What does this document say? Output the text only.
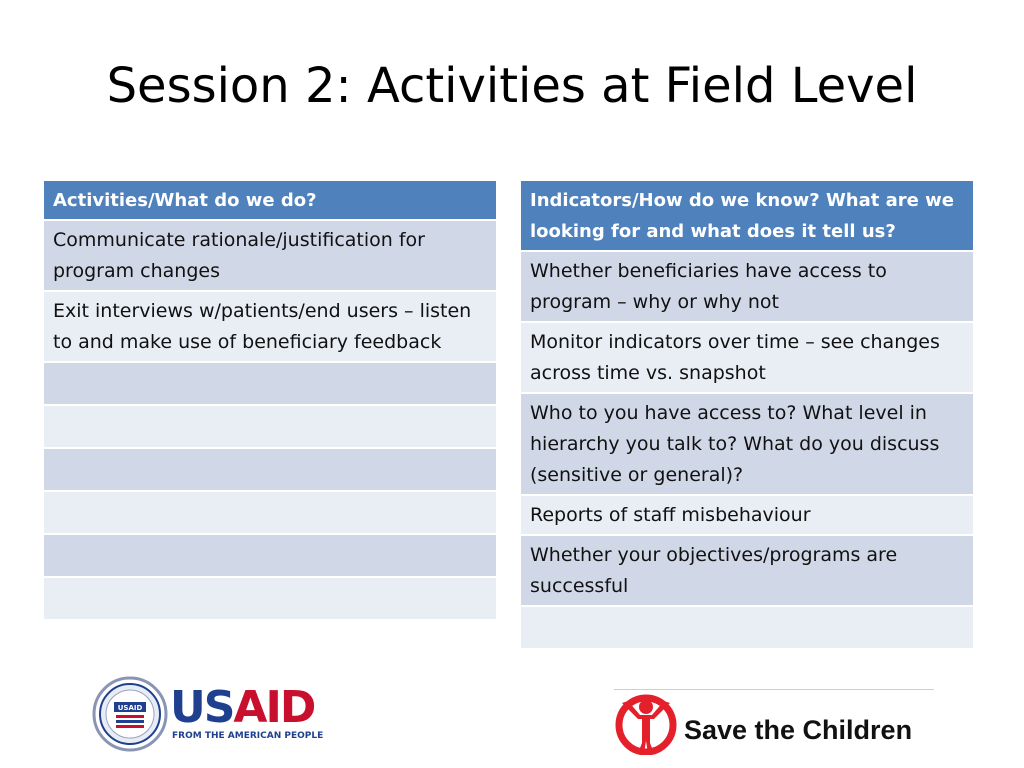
Session 2: Activities at Field Level
Activities/What do we do?
Communicate rationale/justification for program changes
Exit interviews w/patients/end users – listen to and make use of beneficiary feedback

Indicators/How do we know? What are we looking for and what does it tell us?
Whether beneficiaries have access to program – why or why not
Monitor indicators over time – see changes across time vs. snapshot
Who to you have access to? What level in hierarchy you talk to? What do you discuss (sensitive or general)?
Reports of staff misbehaviour
Whether your objectives/programs are successful

USAID USAID
FROM THE AMERICAN PEOPLE	Save the Children
